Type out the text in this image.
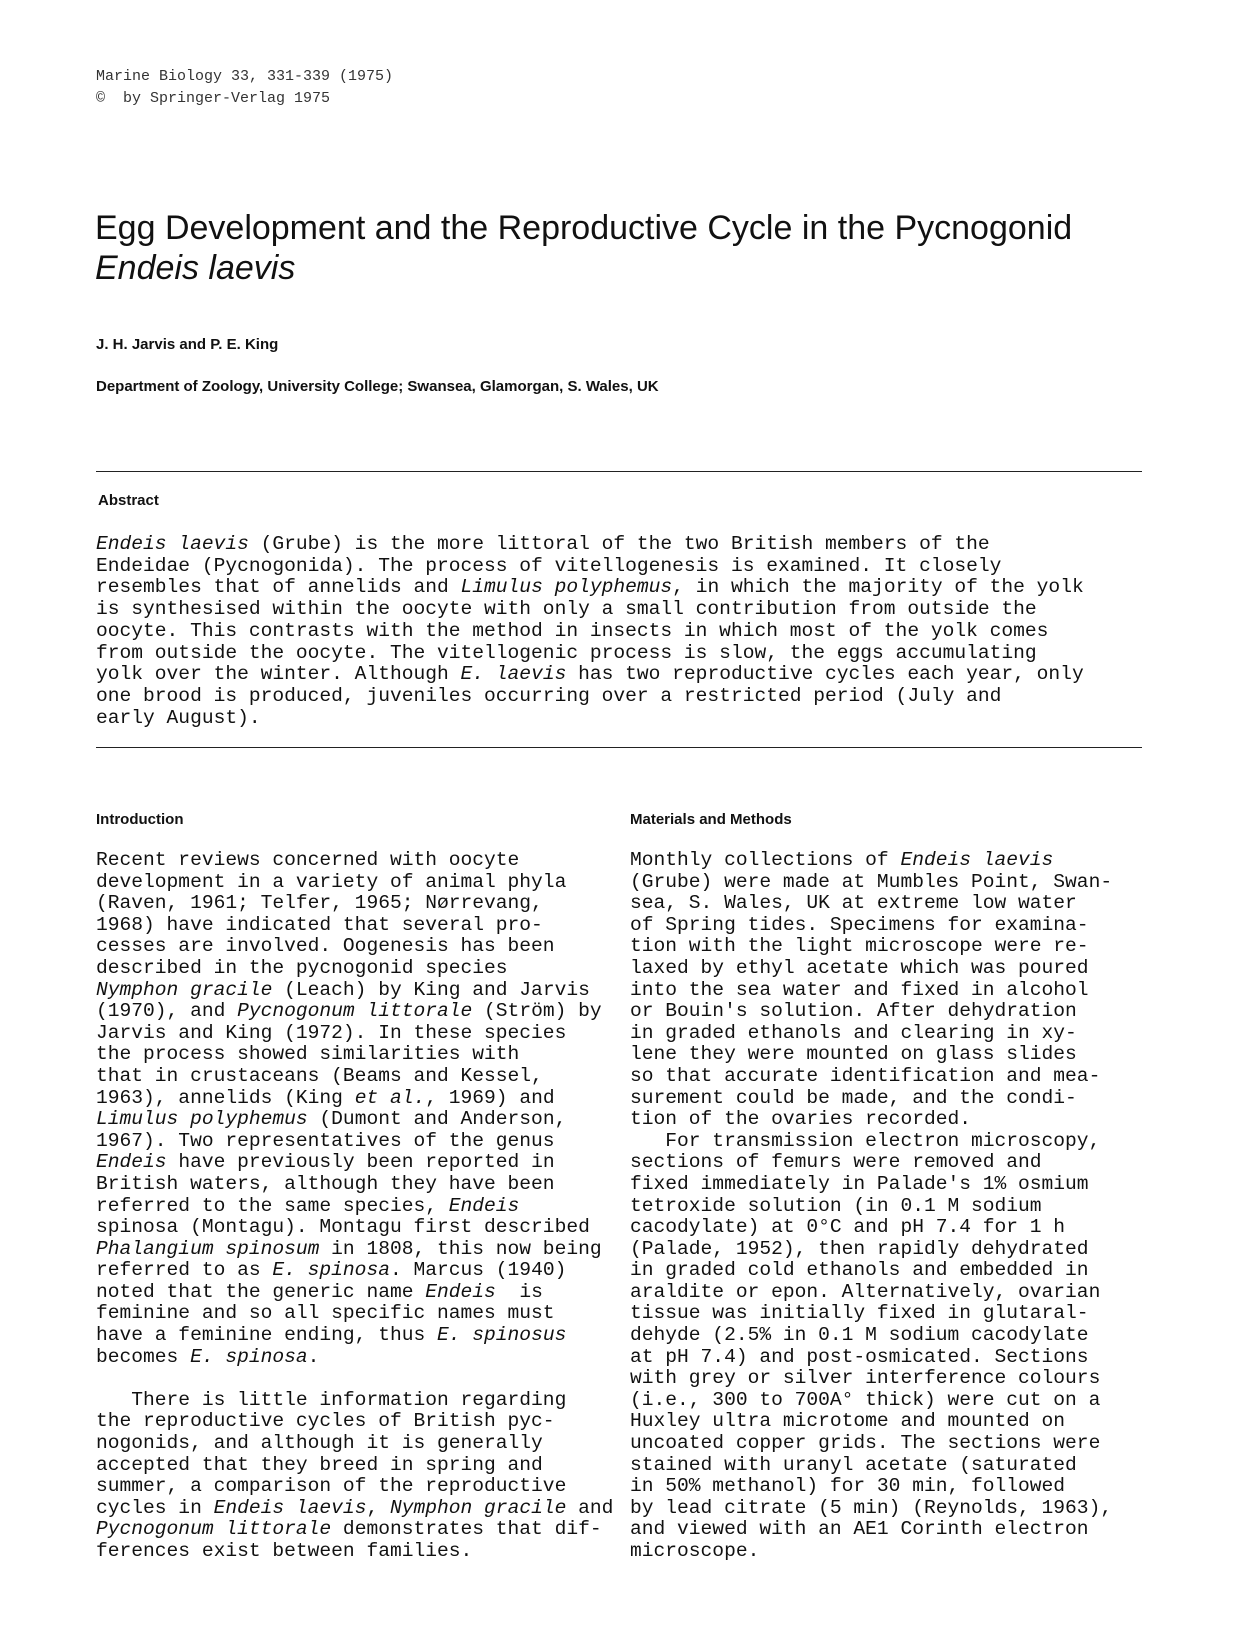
Marine Biology 33, 331-339 (1975)
©  by Springer-Verlag 1975
Egg Development and the Reproductive Cycle in the Pycnogonid
Endeis laevis
J. H. Jarvis and P. E. King
Department of Zoology, University College; Swansea, Glamorgan, S. Wales, UK
Abstract
Endeis laevis (Grube) is the more littoral of the two British members of the
Endeidae (Pycnogonida). The process of vitellogenesis is examined. It closely
resembles that of annelids and Limulus polyphemus, in which the majority of the yolk
is synthesised within the oocyte with only a small contribution from outside the
oocyte. This contrasts with the method in insects in which most of the yolk comes
from outside the oocyte. The vitellogenic process is slow, the eggs accumulating
yolk over the winter. Although E. laevis has two reproductive cycles each year, only
one brood is produced, juveniles occurring over a restricted period (July and
early August).
Introduction
Recent reviews concerned with oocyte
development in a variety of animal phyla
(Raven, 1961; Telfer, 1965; Nørrevang,
1968) have indicated that several pro-
cesses are involved. Oogenesis has been
described in the pycnogonid species
Nymphon gracile (Leach) by King and Jarvis
(1970), and Pycnogonum littorale (Ström) by
Jarvis and King (1972). In these species
the process showed similarities with
that in crustaceans (Beams and Kessel,
1963), annelids (King et al., 1969) and
Limulus polyphemus (Dumont and Anderson,
1967). Two representatives of the genus
Endeis have previously been reported in
British waters, although they have been
referred to the same species, Endeis
spinosa (Montagu). Montagu first described
Phalangium spinosum in 1808, this now being
referred to as E. spinosa. Marcus (1940)
noted that the generic name Endeis  is
feminine and so all specific names must
have a feminine ending, thus E. spinosus
becomes E. spinosa.
There is little information regarding
the reproductive cycles of British pyc-
nogonids, and although it is generally
accepted that they breed in spring and
summer, a comparison of the reproductive
cycles in Endeis laevis, Nymphon gracile and
Pycnogonum littorale demonstrates that dif-
ferences exist between families.
Materials and Methods
Monthly collections of Endeis laevis
(Grube) were made at Mumbles Point, Swan-
sea, S. Wales, UK at extreme low water
of Spring tides. Specimens for examina-
tion with the light microscope were re-
laxed by ethyl acetate which was poured
into the sea water and fixed in alcohol
or Bouin's solution. After dehydration
in graded ethanols and clearing in xy-
lene they were mounted on glass slides
so that accurate identification and mea-
surement could be made, and the condi-
tion of the ovaries recorded.
For transmission electron microscopy,
sections of femurs were removed and
fixed immediately in Palade's 1% osmium
tetroxide solution (in 0.1 M sodium
cacodylate) at 0°C and pH 7.4 for 1 h
(Palade, 1952), then rapidly dehydrated
in graded cold ethanols and embedded in
araldite or epon. Alternatively, ovarian
tissue was initially fixed in glutaral-
dehyde (2.5% in 0.1 M sodium cacodylate
at pH 7.4) and post-osmicated. Sections
with grey or silver interference colours
(i.e., 300 to 700A° thick) were cut on a
Huxley ultra microtome and mounted on
uncoated copper grids. The sections were
stained with uranyl acetate (saturated
in 50% methanol) for 30 min, followed
by lead citrate (5 min) (Reynolds, 1963),
and viewed with an AE1 Corinth electron
microscope.
